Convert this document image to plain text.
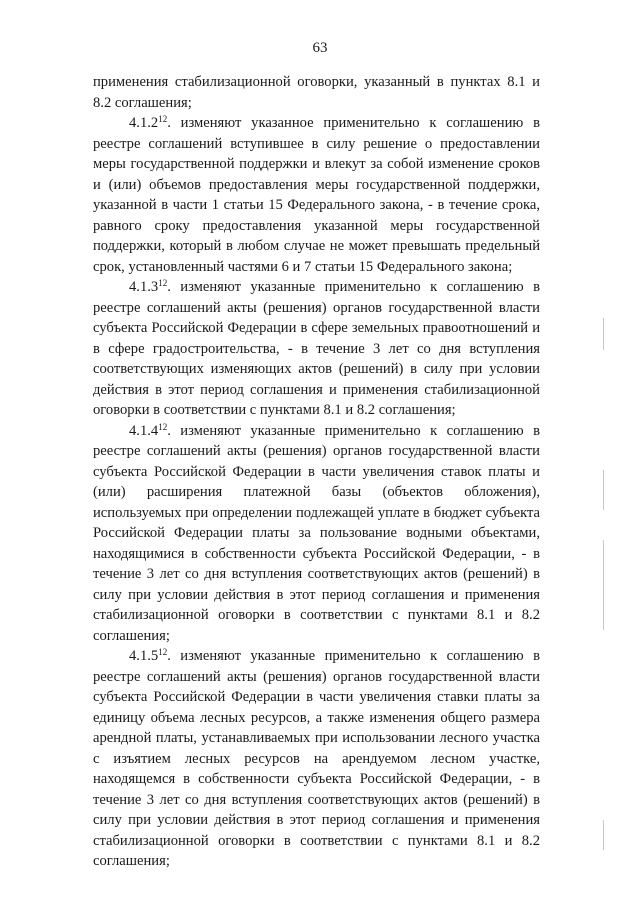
63

применения стабилизационной оговорки, указанный в пунктах 8.1 и 8.2 соглашения;

4.1.2$^{12}$. изменяют указанное применительно к соглашению в реестре соглашений вступившее в силу решение о предоставлении меры государственной поддержки и влекут за собой изменение сроков и (или) объемов предоставления меры государственной поддержки, указанной в части 1 статьи 15 Федерального закона, - в течение срока, равного сроку предоставления указанной меры государственной поддержки, который в любом случае не может превышать предельный срок, установленный частями 6 и 7 статьи 15 Федерального закона;

4.1.3$^{12}$. изменяют указанные применительно к соглашению в реестре соглашений акты (решения) органов государственной власти субъекта Российской Федерации в сфере земельных правоотношений и в сфере градостроительства, - в течение 3 лет со дня вступления соответствующих изменяющих актов (решений) в силу при условии действия в этот период соглашения и применения стабилизационной оговорки в соответствии с пунктами 8.1 и 8.2 соглашения;

4.1.4$^{12}$. изменяют указанные применительно к соглашению в реестре соглашений акты (решения) органов государственной власти субъекта Российской Федерации в части увеличения ставок платы и (или) расширения платежной базы (объектов обложения), используемых при определении подлежащей уплате в бюджет субъекта Российской Федерации платы за пользование водными объектами, находящимися в собственности субъекта Российской Федерации, - в течение 3 лет со дня вступления соответствующих актов (решений) в силу при условии действия в этот период соглашения и применения стабилизационной оговорки в соответствии с пунктами 8.1 и 8.2 соглашения;

4.1.5$^{12}$. изменяют указанные применительно к соглашению в реестре соглашений акты (решения) органов государственной власти субъекта Российской Федерации в части увеличения ставки платы за единицу объема лесных ресурсов, а также изменения общего размера арендной платы, устанавливаемых при использовании лесного участка с изъятием лесных ресурсов на арендуемом лесном участке, находящемся в собственности субъекта Российской Федерации, - в течение 3 лет со дня вступления соответствующих актов (решений) в силу при условии действия в этот период соглашения и применения стабилизационной оговорки в соответствии с пунктами 8.1 и 8.2 соглашения;
